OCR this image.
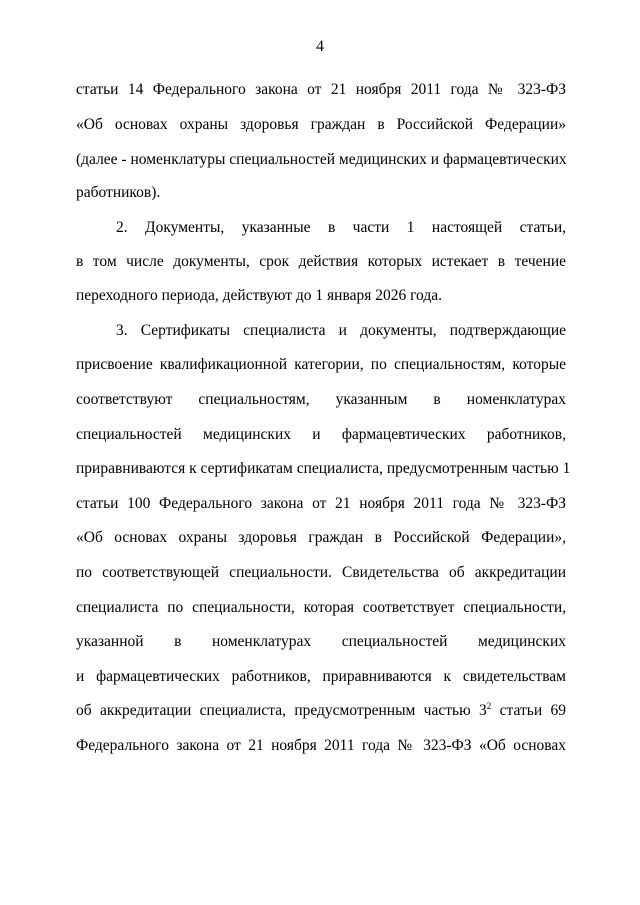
4
статьи 14 Федерального закона от 21 ноября 2011 года № 323-ФЗ
«Об основах охраны здоровья граждан в Российской Федерации»
(далее - номенклатуры специальностей медицинских и фармацевтических
работников).
2. Документы, указанные в части 1 настоящей статьи,
в том числе документы, срок действия которых истекает в течение
переходного периода, действуют до 1 января 2026 года.
3. Сертификаты специалиста и документы, подтверждающие
присвоение квалификационной категории, по специальностям, которые
соответствуют специальностям, указанным в номенклатурах
специальностей медицинских и фармацевтических работников,
приравниваются к сертификатам специалиста, предусмотренным частью 1
статьи 100 Федерального закона от 21 ноября 2011 года № 323-ФЗ
«Об основах охраны здоровья граждан в Российской Федерации»,
по соответствующей специальности. Свидетельства об аккредитации
специалиста по специальности, которая соответствует специальности,
указанной в номенклатурах специальностей медицинских
и фармацевтических работников, приравниваются к свидетельствам
об аккредитации специалиста, предусмотренным частью $3^2$ статьи 69
Федерального закона от 21 ноября 2011 года № 323-ФЗ «Об основах
